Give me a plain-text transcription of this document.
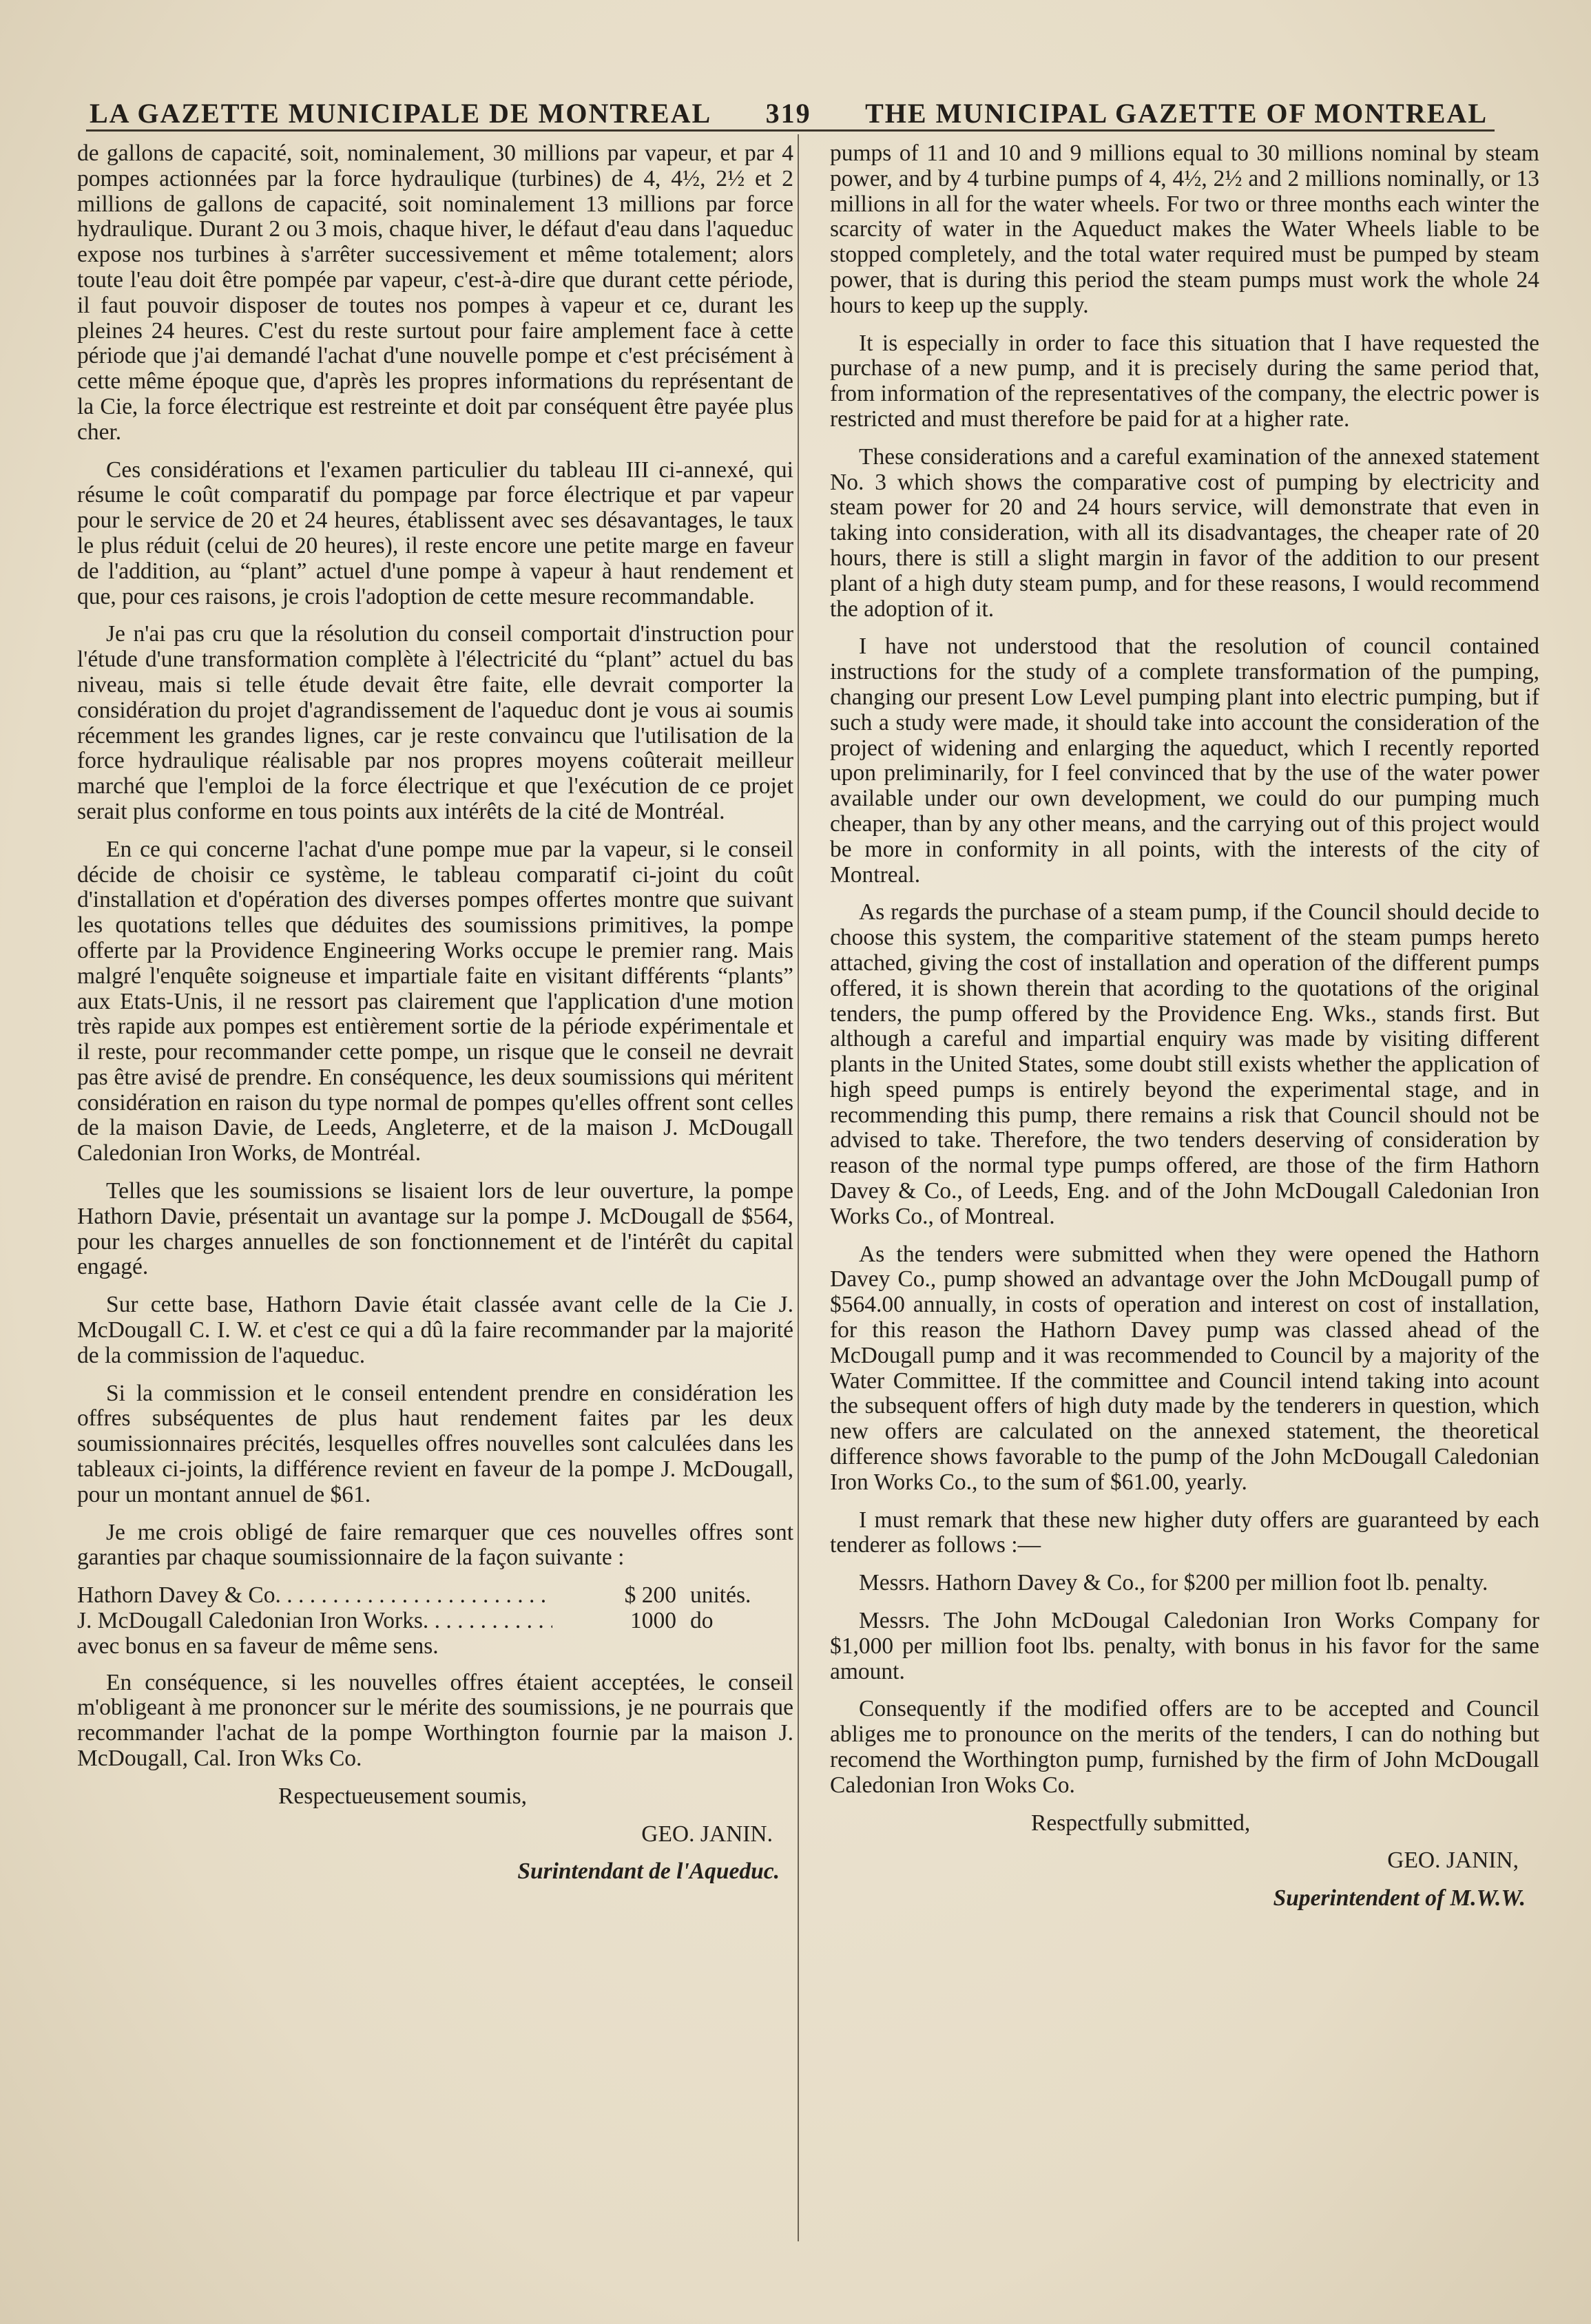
LA GAZETTE MUNICIPALE DE MONTREAL 319 THE MUNICIPAL GAZETTE OF MONTREAL

de gallons de capacité, soit, nominalement, 30 millions par vapeur, et par 4 pompes actionnées par la force hydraulique (turbines) de 4, 4½, 2½ et 2 millions de gallons de capacité, soit nominalement 13 millions par force hydraulique. Durant 2 ou 3 mois, chaque hiver, le défaut d'eau dans l'aqueduc expose nos turbines à s'arrêter successivement et même totalement; alors toute l'eau doit être pompée par vapeur, c'est-à-dire que durant cette période, il faut pouvoir disposer de toutes nos pompes à vapeur et ce, durant les pleines 24 heures. C'est du reste surtout pour faire amplement face à cette période que j'ai demandé l'achat d'une nouvelle pompe et c'est précisément à cette même époque que, d'après les propres informations du représentant de la Cie, la force électrique est restreinte et doit par conséquent être payée plus cher.

Ces considérations et l'examen particulier du tableau III ci-annexé, qui résume le coût comparatif du pompage par force électrique et par vapeur pour le service de 20 et 24 heures, établissent avec ses désavantages, le taux le plus réduit (celui de 20 heures), il reste encore une petite marge en faveur de l'addition, au “plant” actuel d'une pompe à vapeur à haut rendement et que, pour ces raisons, je crois l'adoption de cette mesure recommandable.

Je n'ai pas cru que la résolution du conseil comportait d'instruction pour l'étude d'une transformation complète à l'électricité du “plant” actuel du bas niveau, mais si telle étude devait être faite, elle devrait comporter la considération du projet d'agrandissement de l'aqueduc dont je vous ai soumis récemment les grandes lignes, car je reste convaincu que l'utilisation de la force hydraulique réalisable par nos propres moyens coûterait meilleur marché que l'emploi de la force électrique et que l'exécution de ce projet serait plus conforme en tous points aux intérêts de la cité de Montréal.

En ce qui concerne l'achat d'une pompe mue par la vapeur, si le conseil décide de choisir ce système, le tableau comparatif ci-joint du coût d'installation et d'opération des diverses pompes offertes montre que suivant les quotations telles que déduites des soumissions primitives, la pompe offerte par la Providence Engineering Works occupe le premier rang. Mais malgré l'enquête soigneuse et impartiale faite en visitant différents “plants” aux Etats-Unis, il ne ressort pas clairement que l'application d'une motion très rapide aux pompes est entièrement sortie de la période expérimentale et il reste, pour recommander cette pompe, un risque que le conseil ne devrait pas être avisé de prendre. En conséquence, les deux soumissions qui méritent considération en raison du type normal de pompes qu'elles offrent sont celles de la maison Davie, de Leeds, Angleterre, et de la maison J. McDougall Caledonian Iron Works, de Montréal.

Telles que les soumissions se lisaient lors de leur ouverture, la pompe Hathorn Davie, présentait un avantage sur la pompe J. McDougall de $564, pour les charges annuelles de son fonctionnement et de l'intérêt du capital engagé.

Sur cette base, Hathorn Davie était classée avant celle de la Cie J. McDougall C. I. W. et c'est ce qui a dû la faire recommander par la majorité de la commission de l'aqueduc.

Si la commission et le conseil entendent prendre en considération les offres subséquentes de plus haut rendement faites par les deux soumissionnaires précités, lesquelles offres nouvelles sont calculées dans les tableaux ci-joints, la différence revient en faveur de la pompe J. McDougall, pour un montant annuel de $61.

Je me crois obligé de faire remarquer que ces nouvelles offres sont garanties par chaque soumissionnaire de la façon suivante :

Hathorn Davey & Co. . . .	$ 200 unités.
J. McDougall Caledonian Iron Works. . . .	1000 do
avec bonus en sa faveur de même sens.

En conséquence, si les nouvelles offres étaient acceptées, le conseil m'obligeant à me prononcer sur le mérite des soumissions, je ne pourrais que recommander l'achat de la pompe Worthington fournie par la maison J. McDougall, Cal. Iron Wks Co.

Respectueusement soumis,

GEO. JANIN.

Surintendant de l'Aqueduc.

pumps of 11 and 10 and 9 millions equal to 30 millions nominal by steam power, and by 4 turbine pumps of 4, 4½, 2½ and 2 millions nominally, or 13 millions in all for the water wheels. For two or three months each winter the scarcity of water in the Aqueduct makes the Water Wheels liable to be stopped completely, and the total water required must be pumped by steam power, that is during this period the steam pumps must work the whole 24 hours to keep up the supply.

It is especially in order to face this situation that I have requested the purchase of a new pump, and it is precisely during the same period that, from information of the representatives of the company, the electric power is restricted and must therefore be paid for at a higher rate.

These considerations and a careful examination of the annexed statement No. 3 which shows the comparative cost of pumping by electricity and steam power for 20 and 24 hours service, will demonstrate that even in taking into consideration, with all its disadvantages, the cheaper rate of 20 hours, there is still a slight margin in favor of the addition to our present plant of a high duty steam pump, and for these reasons, I would recommend the adoption of it.

I have not understood that the resolution of council contained instructions for the study of a complete transformation of the pumping, changing our present Low Level pumping plant into electric pumping, but if such a study were made, it should take into account the consideration of the project of widening and enlarging the aqueduct, which I recently reported upon preliminarily, for I feel convinced that by the use of the water power available under our own development, we could do our pumping much cheaper, than by any other means, and the carrying out of this project would be more in conformity in all points, with the interests of the city of Montreal.

As regards the purchase of a steam pump, if the Council should decide to choose this system, the comparitive statement of the steam pumps hereto attached, giving the cost of installation and operation of the different pumps offered, it is shown therein that acording to the quotations of the original tenders, the pump offered by the Providence Eng. Wks., stands first. But although a careful and impartial enquiry was made by visiting different plants in the United States, some doubt still exists whether the application of high speed pumps is entirely beyond the experimental stage, and in recommending this pump, there remains a risk that Council should not be advised to take. Therefore, the two tenders deserving of consideration by reason of the normal type pumps offered, are those of the firm Hathorn Davey & Co., of Leeds, Eng. and of the John McDougall Caledonian Iron Works Co., of Montreal.

As the tenders were submitted when they were opened the Hathorn Davey Co., pump showed an advantage over the John McDougall pump of $564.00 annually, in costs of operation and interest on cost of installation, for this reason the Hathorn Davey pump was classed ahead of the McDougall pump and it was recommended to Council by a majority of the Water Committee. If the committee and Council intend taking into acount the subsequent offers of high duty made by the tenderers in question, which new offers are calculated on the annexed statement, the theoretical difference shows favorable to the pump of the John McDougall Caledonian Iron Works Co., to the sum of $61.00, yearly.

I must remark that these new higher duty offers are guaranteed by each tenderer as follows :—

Messrs. Hathorn Davey & Co., for $200 per million foot lb. penalty.

Messrs. The John McDougal Caledonian Iron Works Company for $1,000 per million foot lbs. penalty, with bonus in his favor for the same amount.

Consequently if the modified offers are to be accepted and Council abliges me to pronounce on the merits of the tenders, I can do nothing but recomend the Worthington pump, furnished by the firm of John McDougall Caledonian Iron Woks Co.

Respectfully submitted,

GEO. JANIN,

Superintendent of M.W.W.
